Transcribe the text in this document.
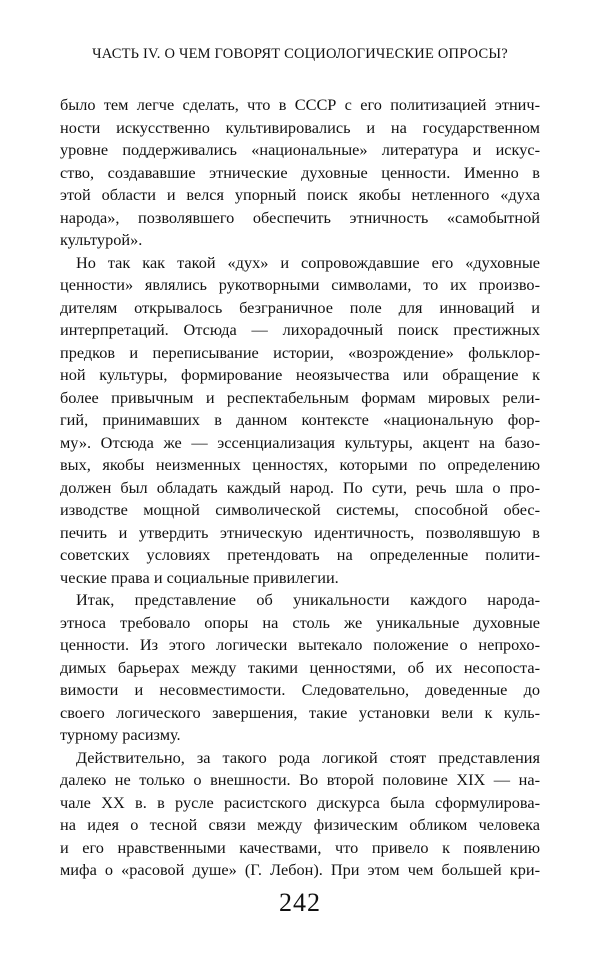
ЧАСТЬ IV. О ЧЕМ ГОВОРЯТ СОЦИОЛОГИЧЕСКИЕ ОПРОСЫ?
было тем легче сделать, что в СССР с его политизацией этнич-
ности искусственно культивировались и на государственном
уровне поддерживались «национальные» литература и искус-
ство, создававшие этнические духовные ценности. Именно в
этой области и велся упорный поиск якобы нетленного «духа
народа», позволявшего обеспечить этничность «самобытной
культурой».
Но так как такой «дух» и сопровождавшие его «духовные
ценности» являлись рукотворными символами, то их произво-
дителям открывалось безграничное поле для инноваций и
интерпретаций. Отсюда — лихорадочный поиск престижных
предков и переписывание истории, «возрождение» фольклор-
ной культуры, формирование неоязычества или обращение к
более привычным и респектабельным формам мировых рели-
гий, принимавших в данном контексте «национальную фор-
му». Отсюда же — эссенциализация культуры, акцент на базо-
вых, якобы неизменных ценностях, которыми по определению
должен был обладать каждый народ. По сути, речь шла о про-
изводстве мощной символической системы, способной обес-
печить и утвердить этническую идентичность, позволявшую в
советских условиях претендовать на определенные полити-
ческие права и социальные привилегии.
Итак, представление об уникальности каждого народа-
этноса требовало опоры на столь же уникальные духовные
ценности. Из этого логически вытекало положение о непрохо-
димых барьерах между такими ценностями, об их несопоста-
вимости и несовместимости. Следовательно, доведенные до
своего логического завершения, такие установки вели к куль-
турному расизму.
Действительно, за такого рода логикой стоят представления
далеко не только о внешности. Во второй половине XIX — на-
чале XX в. в русле расистского дискурса была сформулирова-
на идея о тесной связи между физическим обликом человека
и его нравственными качествами, что привело к появлению
мифа о «расовой душе» (Г. Лебон). При этом чем большей кри-
242
